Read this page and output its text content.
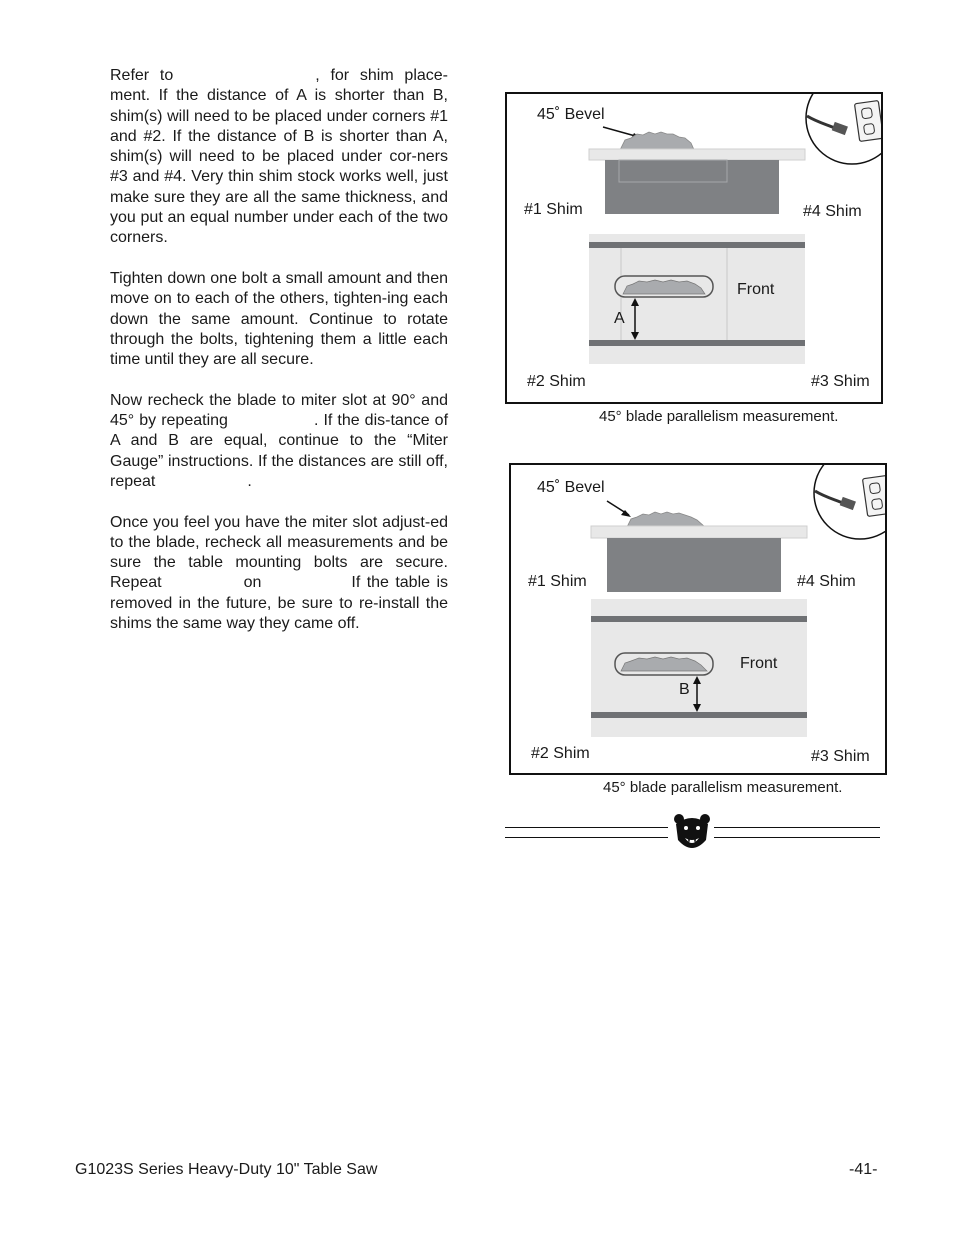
Refer to	, for shim place-ment. If the distance of A is shorter than B, shim(s) will need to be placed under corners #1 and #2. If the distance of B is shorter than A, shim(s) will need to be placed under cor-ners #3 and #4. Very thin shim stock works well, just make sure they are all the same thickness, and you put an equal number under each of the two corners.

Tighten down one bolt a small amount and then move on to each of the others, tighten-ing each down the same amount. Continue to rotate through the bolts, tightening them a little each time until they are all secure.

Now recheck the blade to miter slot at 90° and 45° by repeating	. If the dis-tance of A and B are equal, continue to the “Miter Gauge” instructions. If the distances are still off, repeat	.

Once you feel you have the miter slot adjust-ed to the blade, recheck all measurements and be sure the table mounting bolts are secure. Repeat	on	If the table is removed in the future, be sure to re-install the shims the same way they came off.

45˚ Bevel
#1 Shim	#4 Shim
Front
A
#2 Shim	#3 Shim
45° blade parallelism measurement.
45˚ Bevel
#1 Shim	#4 Shim
Front
B
#2 Shim	#3 Shim
45° blade parallelism measurement.
G1023S Series Heavy-Duty 10" Table Saw	-41-
